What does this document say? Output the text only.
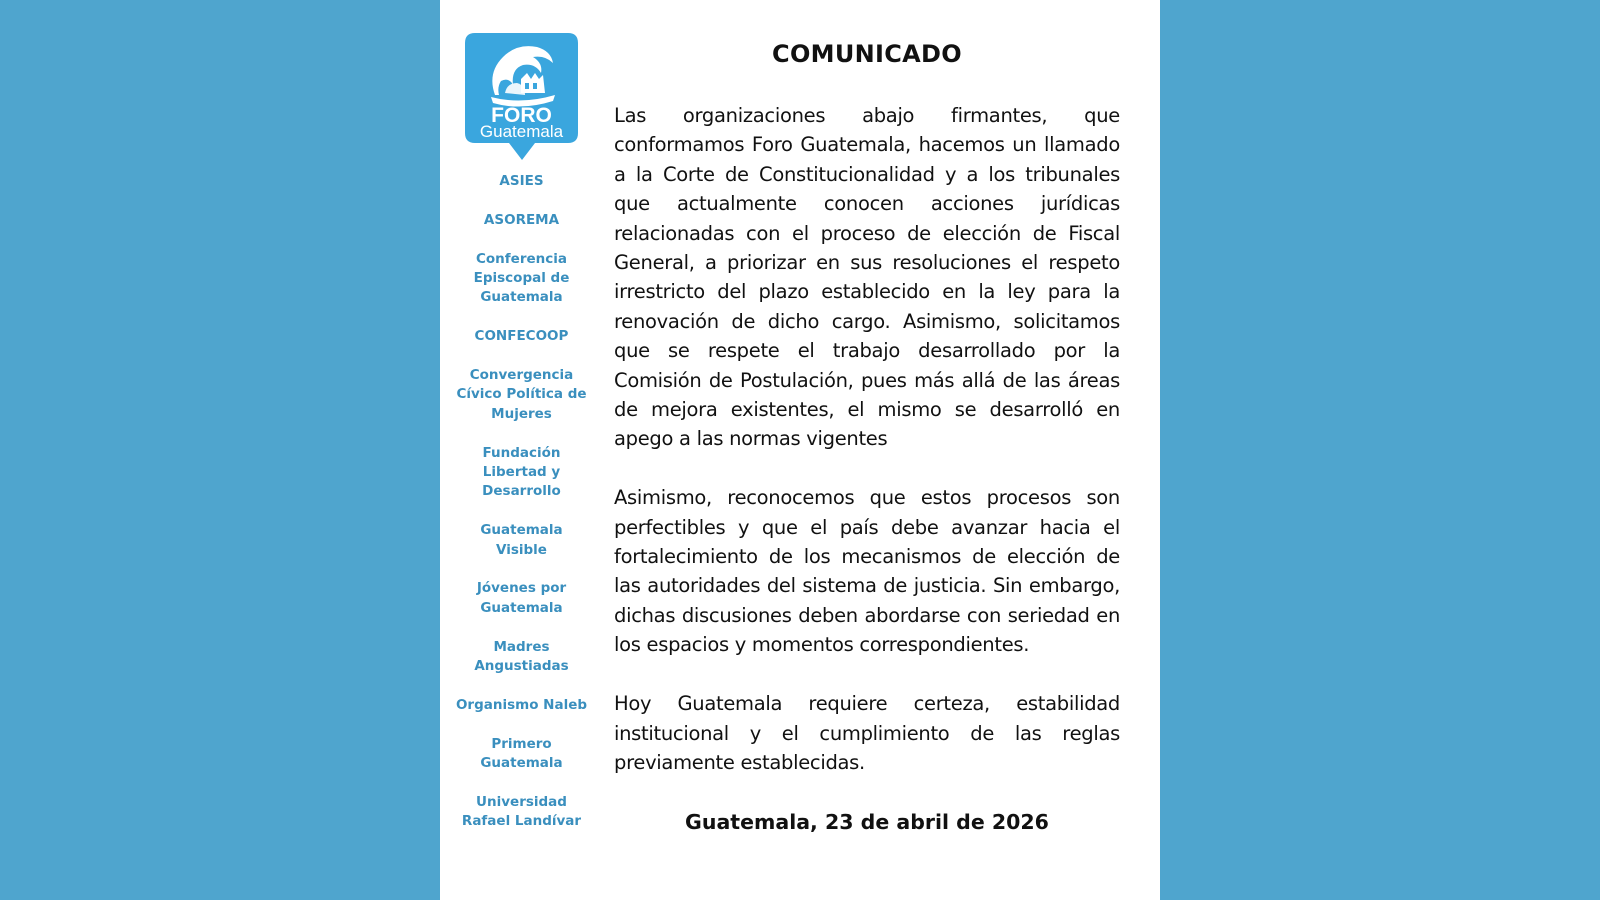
FORO
Guatemala
ASIES
ASOREMA
Conferencia Episcopal de Guatemala
CONFECOOP
Convergencia Cívico Política de Mujeres
Fundación Libertad y Desarrollo
Guatemala Visible
Jóvenes por Guatemala
Madres Angustiadas
Organismo Naleb
Primero Guatemala
Universidad Rafael Landívar
COMUNICADO

Las organizaciones abajo firmantes, que conformamos Foro Guatemala, hacemos un llamado a la Corte de Constitucionalidad y a los tribunales que actualmente conocen acciones jurídicas relacionadas con el proceso de elección de Fiscal General, a priorizar en sus resoluciones el respeto irrestricto del plazo establecido en la ley para la renovación de dicho cargo. Asimismo, solicitamos que se respete el trabajo desarrollado por la Comisión de Postulación, pues más allá de las áreas de mejora existentes, el mismo se desarrolló en apego a las normas vigentes

Asimismo, reconocemos que estos procesos son perfectibles y que el país debe avanzar hacia el fortalecimiento de los mecanismos de elección de las autoridades del sistema de justicia. Sin embargo, dichas discusiones deben abordarse con seriedad en los espacios y momentos correspondientes.

Hoy Guatemala requiere certeza, estabilidad institucional y el cumplimiento de las reglas previamente establecidas.

Guatemala, 23 de abril de 2026
